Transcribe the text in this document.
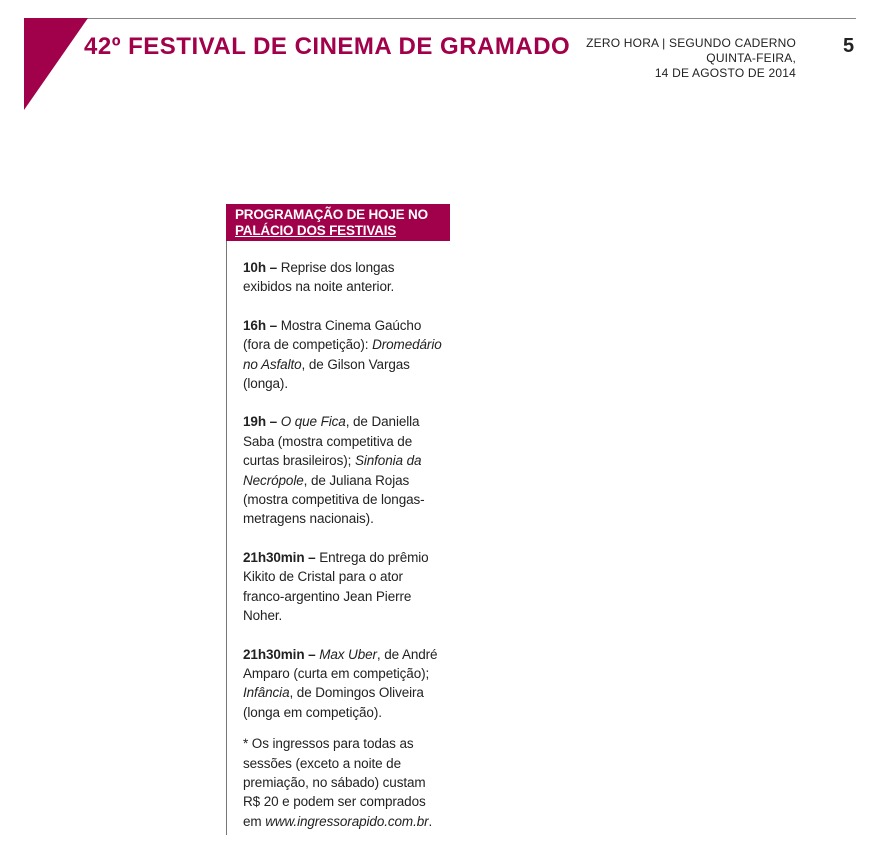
42º FESTIVAL DE CINEMA DE GRAMADO	ZERO HORA | SEGUNDO CADERNO
QUINTA-FEIRA,
14 DE AGOSTO DE 2014
5
PROGRAMAÇÃO DE HOJE NO
PALÁCIO DOS FESTIVAIS

10h – Reprise dos longas exibidos na noite anterior.

16h – Mostra Cinema Gaúcho (fora de competição): Dromedário no Asfalto, de Gilson Vargas (longa).

19h – O que Fica, de Daniella Saba (mostra competitiva de curtas brasileiros); Sinfonia da Necrópole, de Juliana Rojas (mostra competitiva de longas-metragens nacionais).

21h30min – Entrega do prêmio Kikito de Cristal para o ator franco-argentino Jean Pierre Noher.

21h30min – Max Uber, de André Amparo (curta em competição); Infância, de Domingos Oliveira (longa em competição).

* Os ingressos para todas as sessões (exceto a noite de premiação, no sábado) custam R$ 20 e podem ser comprados em www.ingressorapido.com.br.
